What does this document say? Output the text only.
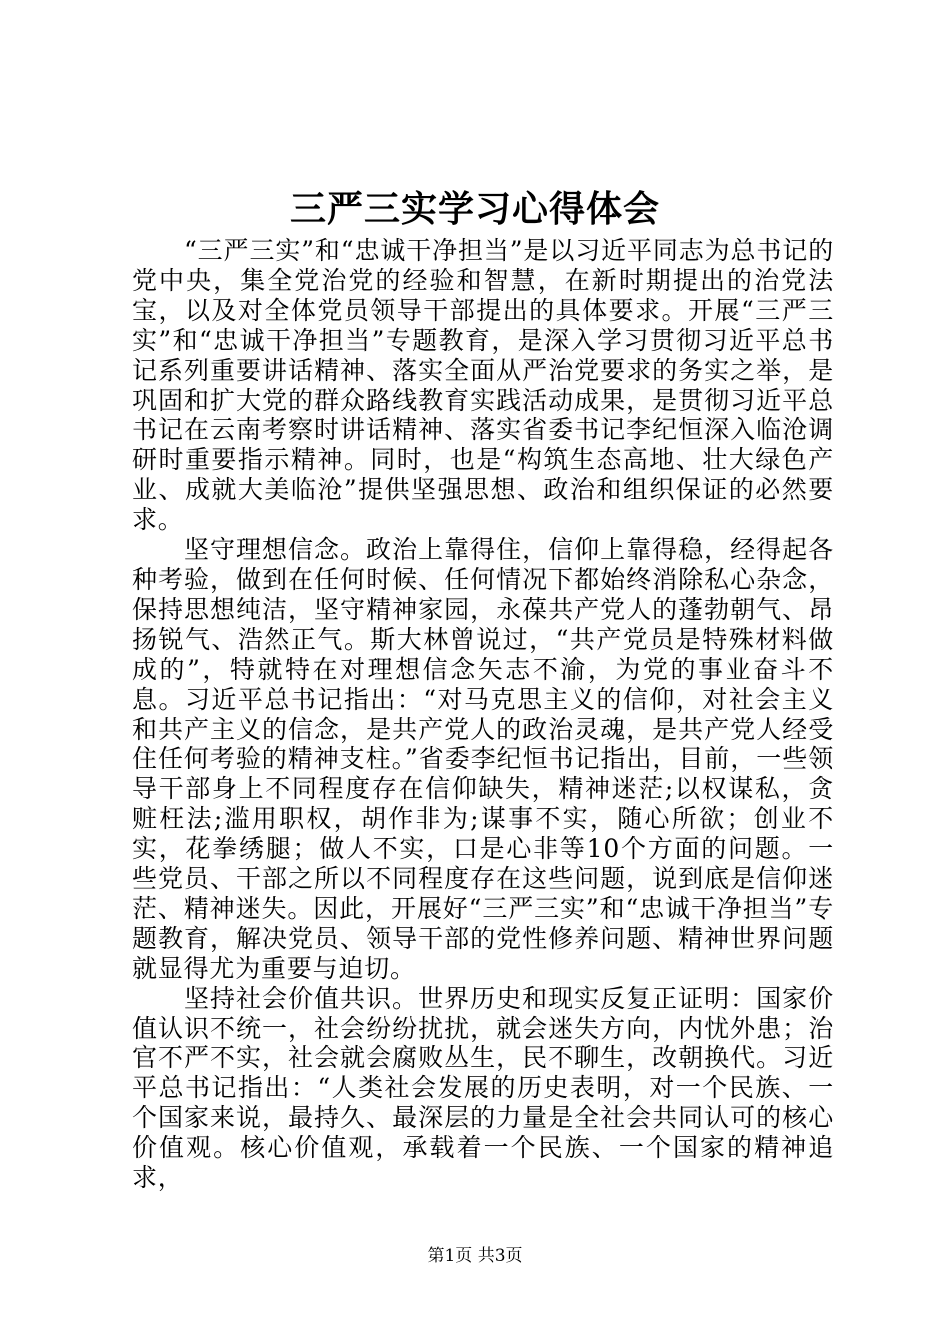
三严三实学习心得体会

“三严三实”和“忠诚干净担当”是以习近平同志为总书记的党中央，集全党治党的经验和智慧，在新时期提出的治党法宝，以及对全体党员领导干部提出的具体要求。开展“三严三实”和“忠诚干净担当”专题教育，是深入学习贯彻习近平总书记系列重要讲话精神、落实全面从严治党要求的务实之举，是巩固和扩大党的群众路线教育实践活动成果，是贯彻习近平总书记在云南考察时讲话精神、落实省委书记李纪恒深入临沧调研时重要指示精神。同时，也是“构筑生态高地、壮大绿色产业、成就大美临沧”提供坚强思想、政治和组织保证的必然要求。

坚守理想信念。政治上靠得住，信仰上靠得稳，经得起各种考验，做到在任何时候、任何情况下都始终消除私心杂念，保持思想纯洁，坚守精神家园，永葆共产党人的蓬勃朝气、昂扬锐气、浩然正气。斯大林曾说过，“共产党员是特殊材料做成的”，特就特在对理想信念矢志不渝，为党的事业奋斗不息。习近平总书记指出：“对马克思主义的信仰，对社会主义和共产主义的信念，是共产党人的政治灵魂，是共产党人经受住任何考验的精神支柱。”省委李纪恒书记指出，目前，一些领导干部身上不同程度存在信仰缺失，精神迷茫;以权谋私，贪赃枉法;滥用职权，胡作非为;谋事不实，随心所欲；创业不实，花拳绣腿；做人不实，口是心非等10个方面的问题。一些党员、干部之所以不同程度存在这些问题，说到底是信仰迷茫、精神迷失。因此，开展好“三严三实”和“忠诚干净担当”专题教育，解决党员、领导干部的党性修养问题、精神世界问题就显得尤为重要与迫切。

坚持社会价值共识。世界历史和现实反复正证明：国家价值认识不统一，社会纷纷扰扰，就会迷失方向，内忧外患；治官不严不实，社会就会腐败丛生，民不聊生，改朝换代。习近平总书记指出：“人类社会发展的历史表明，对一个民族、一个国家来说，最持久、最深层的力量是全社会共同认可的核心价值观。核心价值观，承载着一个民族、一个国家的精神追求，

第1页 共3页
